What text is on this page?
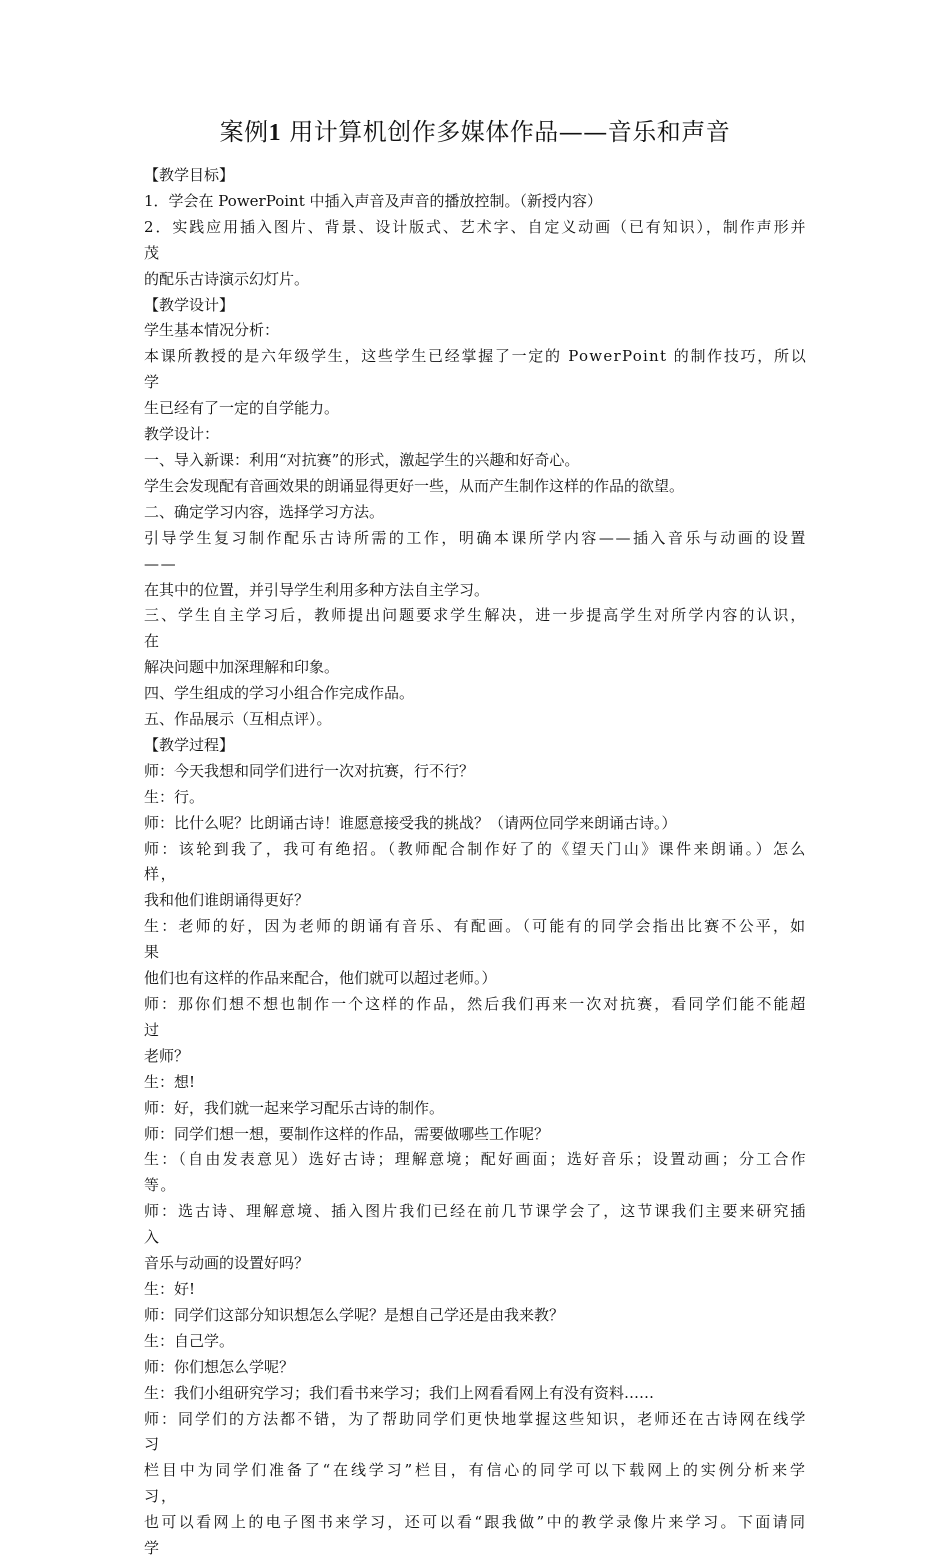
案例1 用计算机创作多媒体作品——音乐和声音

【教学目标】

1．学会在 PowerPoint 中插入声音及声音的播放控制。（新授内容）

2．实践应用插入图片、背景、设计版式、艺术字、自定义动画（已有知识），制作声形并茂

的配乐古诗演示幻灯片。

【教学设计】

学生基本情况分析：

本课所教授的是六年级学生，这些学生已经掌握了一定的 PowerPoint 的制作技巧，所以学

生已经有了一定的自学能力。

教学设计：

一、导入新课：利用“对抗赛”的形式，激起学生的兴趣和好奇心。

学生会发现配有音画效果的朗诵显得更好一些，从而产生制作这样的作品的欲望。

二、确定学习内容，选择学习方法。

引导学生复习制作配乐古诗所需的工作，明确本课所学内容——插入音乐与动画的设置——

在其中的位置，并引导学生利用多种方法自主学习。

三、学生自主学习后，教师提出问题要求学生解决，进一步提高学生对所学内容的认识，在

解决问题中加深理解和印象。

四、学生组成的学习小组合作完成作品。

五、作品展示（互相点评）。

【教学过程】

师：今天我想和同学们进行一次对抗赛，行不行？

生：行。

师：比什么呢？比朗诵古诗！谁愿意接受我的挑战？（请两位同学来朗诵古诗。）

师：该轮到我了，我可有绝招。（教师配合制作好了的《望天门山》课件来朗诵。）怎么样，

我和他们谁朗诵得更好？

生：老师的好，因为老师的朗诵有音乐、有配画。（可能有的同学会指出比赛不公平，如果

他们也有这样的作品来配合，他们就可以超过老师。）

师：那你们想不想也制作一个这样的作品，然后我们再来一次对抗赛，看同学们能不能超过

老师？

生：想!

师：好，我们就一起来学习配乐古诗的制作。

师：同学们想一想，要制作这样的作品，需要做哪些工作呢？

生：（自由发表意见）选好古诗；理解意境；配好画面；选好音乐；设置动画；分工合作等。

师：选古诗、理解意境、插入图片我们已经在前几节课学会了，这节课我们主要来研究插入

音乐与动画的设置好吗？

生：好!

师：同学们这部分知识想怎么学呢？是想自己学还是由我来教？

生：自己学。

师：你们想怎么学呢？

生：我们小组研究学习；我们看书来学习；我们上网看看网上有没有资料……

师：同学们的方法都不错，为了帮助同学们更快地掌握这些知识，老师还在古诗网在线学习

栏目中为同学们准备了“在线学习”栏目，有信心的同学可以下载网上的实例分析来学习，

也可以看网上的电子图书来学习，还可以看“跟我做”中的教学录像片来学习。下面请同学
